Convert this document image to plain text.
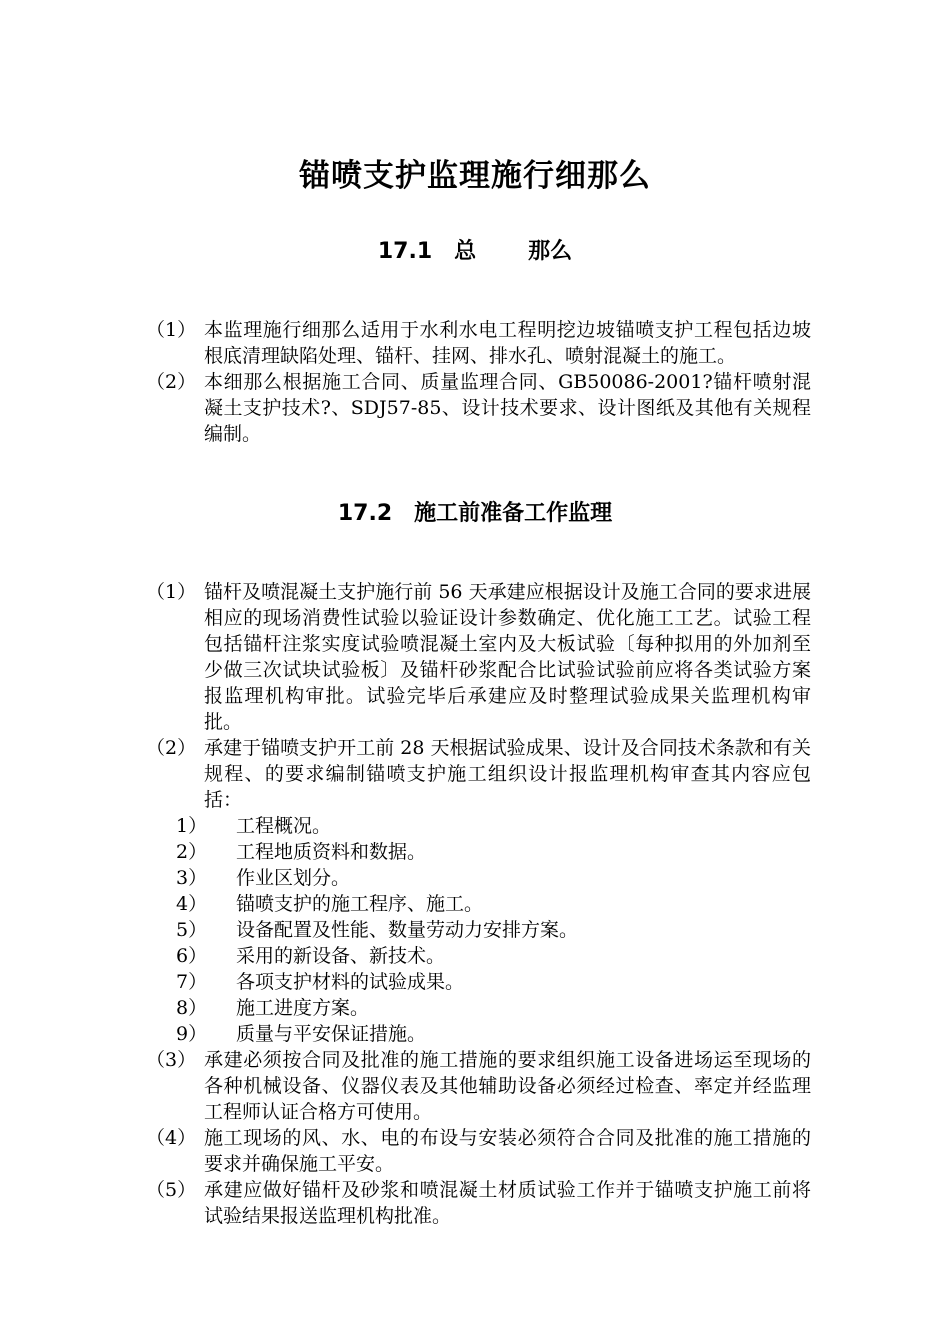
锚喷支护监理施行细那么
17.1 总 那么
（1） 本监理施行细那么适用于水利水电工程明挖边坡锚喷支护工程包括边坡根底清理缺陷处理、锚杆、挂网、排水孔、喷射混凝土的施工。
（2） 本细那么根据施工合同、质量监理合同、GB50086-2001?锚杆喷射混凝土支护技术?、SDJ57-85、设计技术要求、设计图纸及其他有关规程编制。
17.2 施工前准备工作监理
（1） 锚杆及喷混凝土支护施行前 56 天承建应根据设计及施工合同的要求进展相应的现场消费性试验以验证设计参数确定、优化施工工艺。试验工程包括锚杆注浆实度试验喷混凝土室内及大板试验〔每种拟用的外加剂至少做三次试块试验板〕及锚杆砂浆配合比试验试验前应将各类试验方案报监理机构审批。试验完毕后承建应及时整理试验成果关监理机构审批。
（2） 承建于锚喷支护开工前 28 天根据试验成果、设计及合同技术条款和有关规程、的要求编制锚喷支护施工组织设计报监理机构审查其内容应包括：
1） 工程概况。
2） 工程地质资料和数据。
3） 作业区划分。
4） 锚喷支护的施工程序、施工。
5） 设备配置及性能、数量劳动力安排方案。
6） 采用的新设备、新技术。
7） 各项支护材料的试验成果。
8） 施工进度方案。
9） 质量与平安保证措施。
（3） 承建必须按合同及批准的施工措施的要求组织施工设备进场运至现场的各种机械设备、仪器仪表及其他辅助设备必须经过检查、率定并经监理工程师认证合格方可使用。
（4） 施工现场的风、水、电的布设与安装必须符合合同及批准的施工措施的要求并确保施工平安。
（5） 承建应做好锚杆及砂浆和喷混凝土材质试验工作并于锚喷支护施工前将试验结果报送监理机构批准。
